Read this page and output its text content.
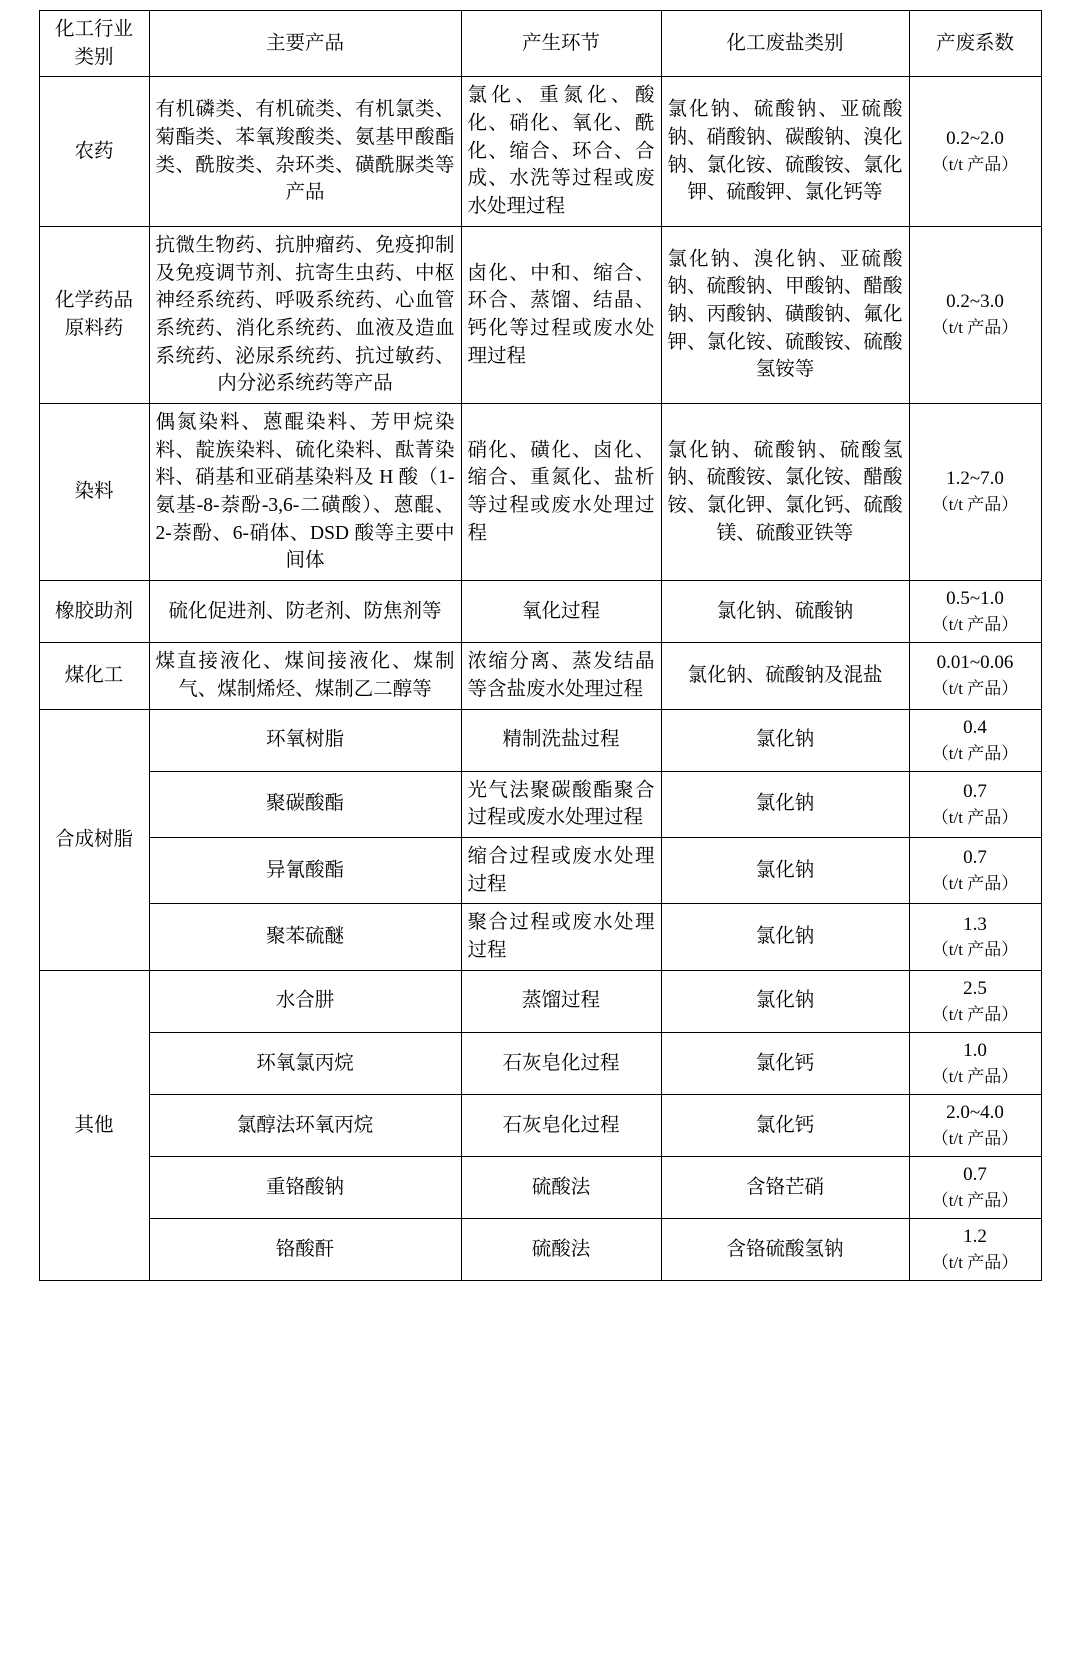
化工行业类别	主要产品	产生环节	化工废盐类别	产废系数
农药	有机磷类、有机硫类、有机氯类、菊酯类、苯氧羧酸类、氨基甲酸酯类、酰胺类、杂环类、磺酰脲类等产品	氯化、重氮化、酸化、硝化、氧化、酰化、缩合、环合、合成、水洗等过程或废水处理过程	氯化钠、硫酸钠、亚硫酸钠、硝酸钠、碳酸钠、溴化钠、氯化铵、硫酸铵、氯化钾、硫酸钾、氯化钙等	0.2~2.0
（t/t 产品）

化学药品原料药	抗微生物药、抗肿瘤药、免疫抑制及免疫调节剂、抗寄生虫药、中枢神经系统药、呼吸系统药、心血管系统药、消化系统药、血液及造血系统药、泌尿系统药、抗过敏药、内分泌系统药等产品	卤化、中和、缩合、环合、蒸馏、结晶、钙化等过程或废水处理过程	氯化钠、溴化钠、亚硫酸钠、硫酸钠、甲酸钠、醋酸钠、丙酸钠、磺酸钠、氟化钾、氯化铵、硫酸铵、硫酸氢铵等	0.2~3.0
（t/t 产品）

染料	偶氮染料、蒽醌染料、芳甲烷染料、靛族染料、硫化染料、酞菁染料、硝基和亚硝基染料及 H 酸（1-氨基-8-萘酚-3,6-二磺酸）、蒽醌、2-萘酚、6-硝体、DSD 酸等主要中间体	硝化、磺化、卤化、缩合、重氮化、盐析等过程或废水处理过程	氯化钠、硫酸钠、硫酸氢钠、硫酸铵、氯化铵、醋酸铵、氯化钾、氯化钙、硫酸镁、硫酸亚铁等	1.2~7.0
（t/t 产品）

橡胶助剂	硫化促进剂、防老剂、防焦剂等	氧化过程	氯化钠、硫酸钠	0.5~1.0
（t/t 产品）

煤化工	煤直接液化、煤间接液化、煤制气、煤制烯烃、煤制乙二醇等	浓缩分离、蒸发结晶等含盐废水处理过程	氯化钠、硫酸钠及混盐	0.01~0.06
（t/t 产品）

合成树脂	环氧树脂	精制洗盐过程	氯化钠	0.4
（t/t 产品）

	聚碳酸酯	光气法聚碳酸酯聚合过程或废水处理过程	氯化钠	0.7
（t/t 产品）

	异氰酸酯	缩合过程或废水处理过程	氯化钠	0.7
（t/t 产品）

	聚苯硫醚	聚合过程或废水处理过程	氯化钠	1.3
（t/t 产品）

其他	水合肼	蒸馏过程	氯化钠	2.5
（t/t 产品）

	环氧氯丙烷	石灰皂化过程	氯化钙	1.0
（t/t 产品）

	氯醇法环氧丙烷	石灰皂化过程	氯化钙	2.0~4.0
（t/t 产品）

	重铬酸钠	硫酸法	含铬芒硝	0.7
（t/t 产品）

	铬酸酐	硫酸法	含铬硫酸氢钠	1.2
（t/t 产品）
